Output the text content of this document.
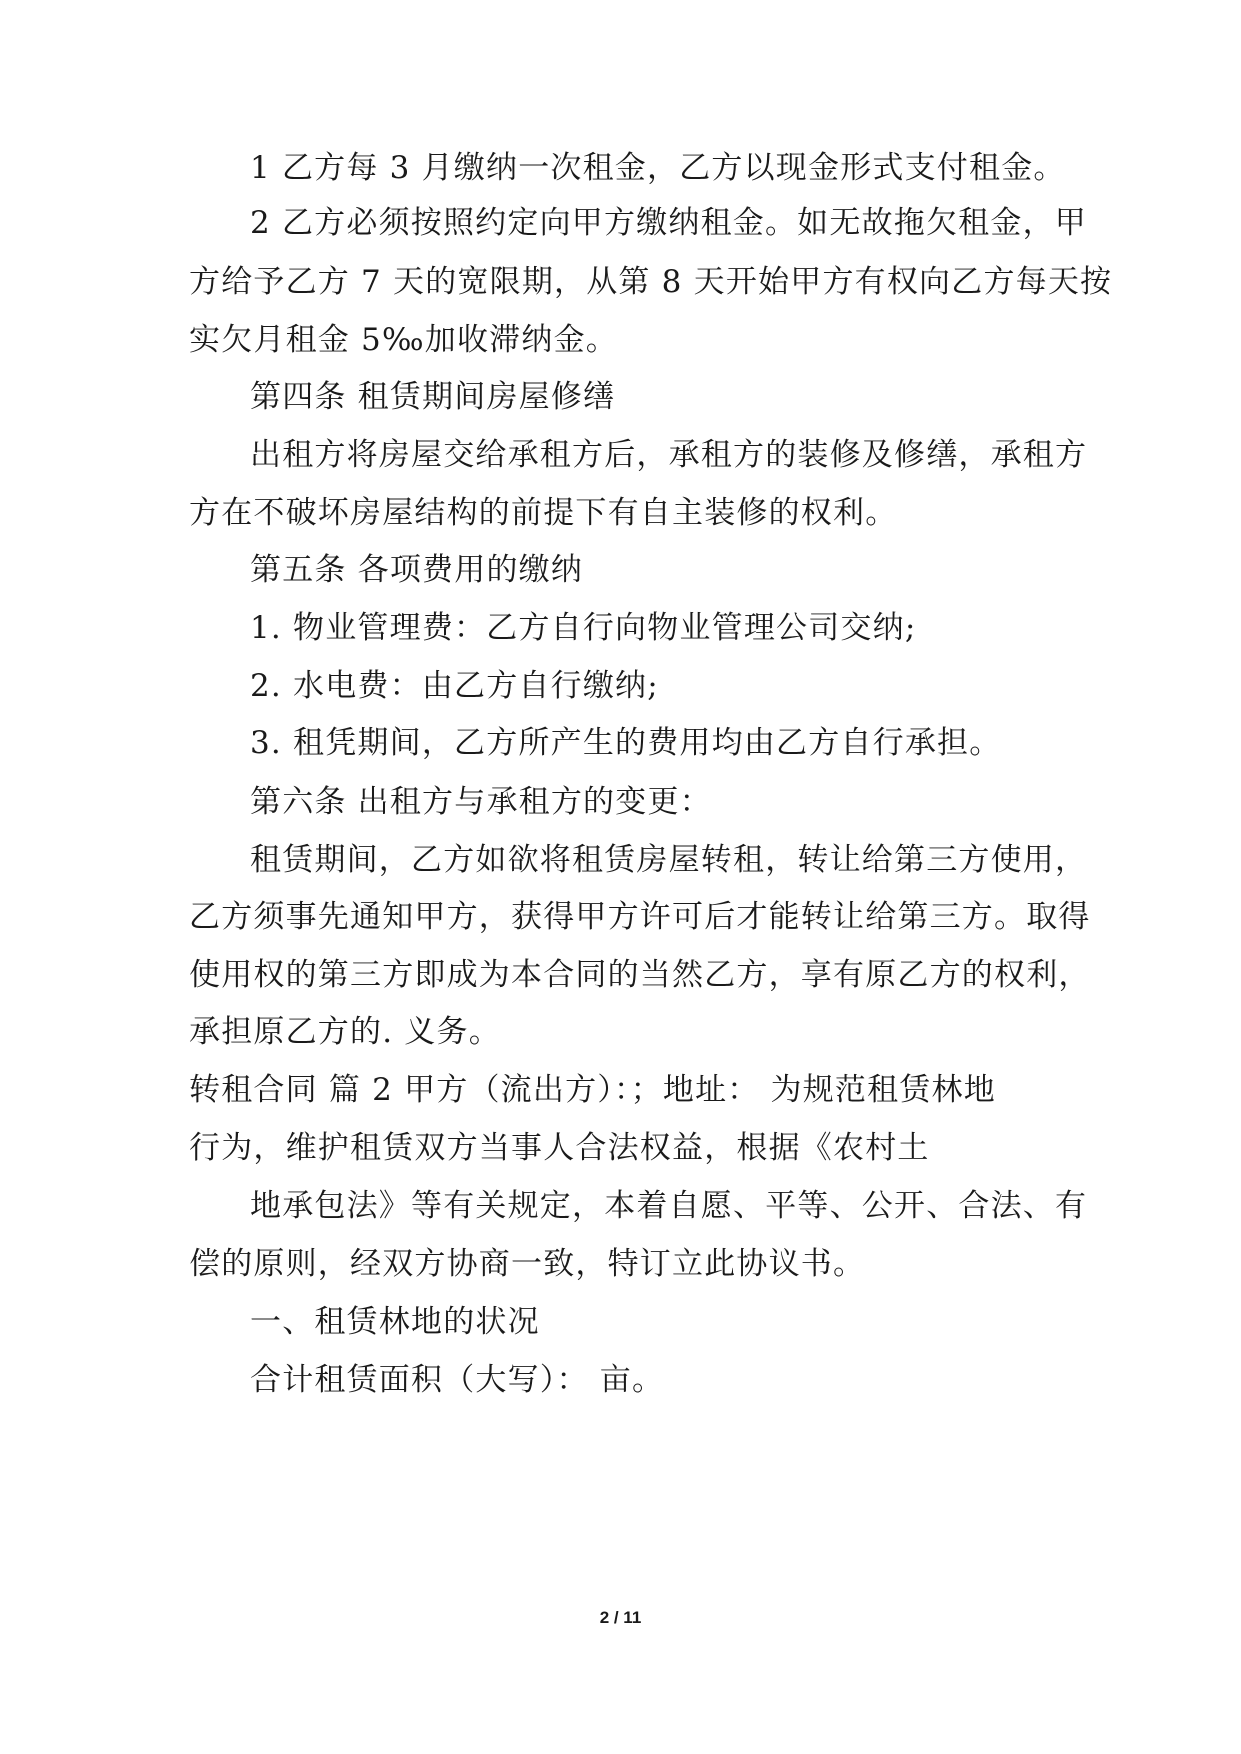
1 乙方每 3 月缴纳一次租金，乙方以现金形式支付租金。
2 乙方必须按照约定向甲方缴纳租金。如无故拖欠租金，甲
方给予乙方 7 天的宽限期，从第 8 天开始甲方有权向乙方每天按
实欠月租金 5‰加收滞纳金。
第四条 租赁期间房屋修缮
出租方将房屋交给承租方后，承租方的装修及修缮，承租方
方在不破坏房屋结构的前提下有自主装修的权利。
第五条 各项费用的缴纳
1. 物业管理费：乙方自行向物业管理公司交纳;
2. 水电费：由乙方自行缴纳;
3. 租凭期间，乙方所产生的费用均由乙方自行承担。
第六条 出租方与承租方的变更：
租赁期间，乙方如欲将租赁房屋转租，转让给第三方使用，
乙方须事先通知甲方，获得甲方许可后才能转让给第三方。取得
使用权的第三方即成为本合同的当然乙方，享有原乙方的权利，
承担原乙方的. 义务。
转租合同 篇 2 甲方（流出方）：；地址： 为规范租赁林地
行为，维护租赁双方当事人合法权益，根据《农村土
地承包法》等有关规定，本着自愿、平等、公开、合法、有
偿的原则，经双方协商一致，特订立此协议书。
一、租赁林地的状况
合计租赁面积（大写）： 亩。
2 / 11
